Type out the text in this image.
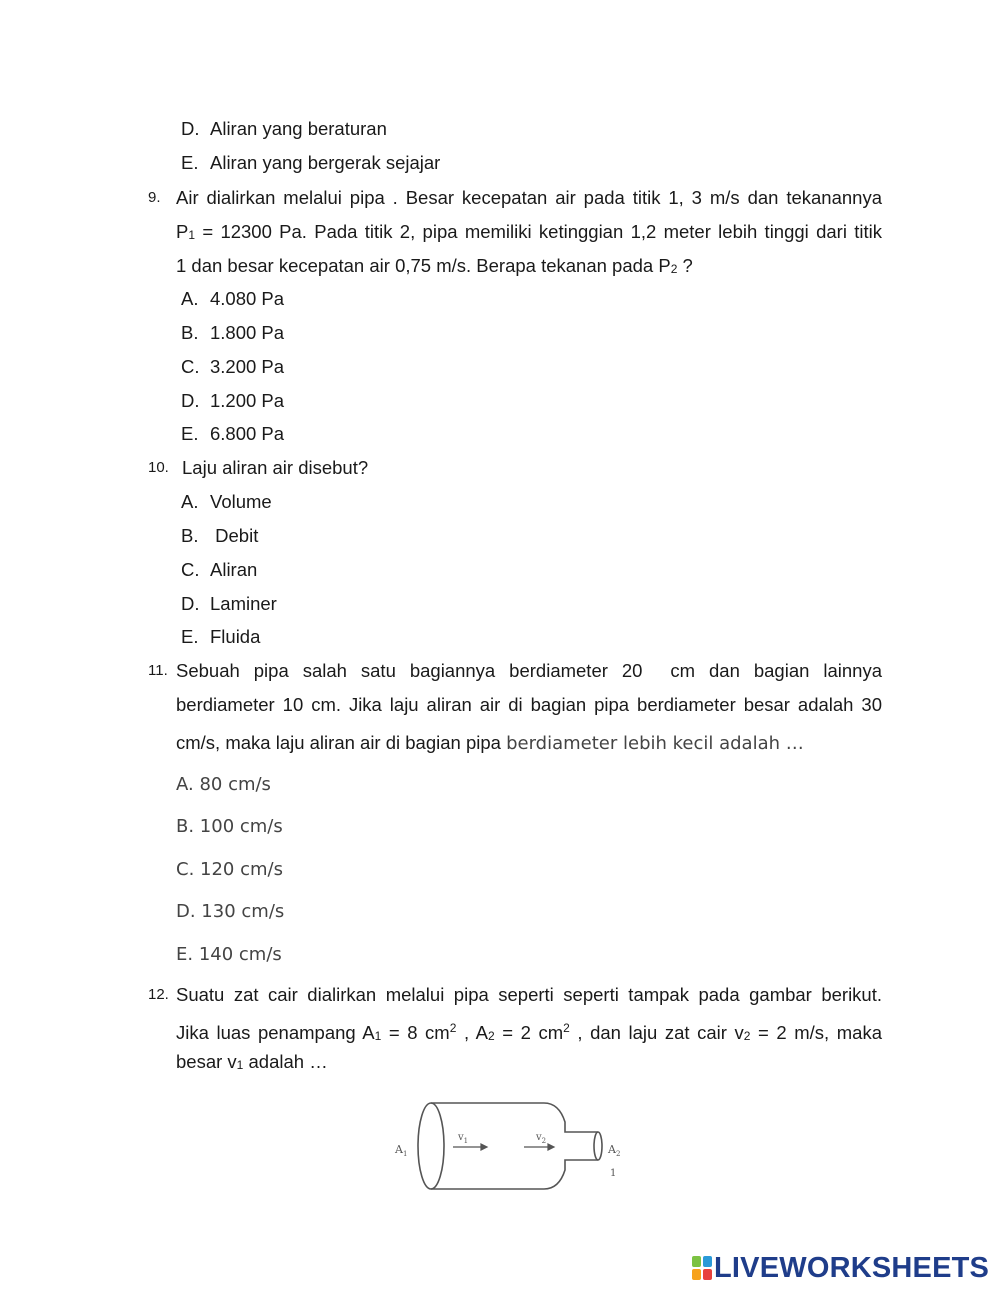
D. Aliran yang beraturan
E. Aliran yang bergerak sejajar
9. Air dialirkan melalui pipa . Besar kecepatan air pada titik 1, 3 m/s dan tekanannya
P1 = 12300 Pa. Pada titik 2, pipa memiliki ketinggian 1,2 meter lebih tinggi dari titik
1 dan besar kecepatan air 0,75 m/s. Berapa tekanan pada P2 ?
A. 4.080 Pa
B. 1.800 Pa
C. 3.200 Pa
D. 1.200 Pa
E. 6.800 Pa
10. Laju aliran air disebut?
A. Volume
B. Debit
C. Aliran
D. Laminer
E. Fluida
11. Sebuah pipa salah satu bagiannya berdiameter 20  cm dan bagian lainnya
berdiameter 10 cm. Jika laju aliran air di bagian pipa berdiameter besar adalah 30
cm/s, maka laju aliran air di bagian pipa berdiameter lebih kecil adalah …
A. 80 cm/s
B. 100 cm/s
C. 120 cm/s
D. 130 cm/s
E. 140 cm/s
12. Suatu zat cair dialirkan melalui pipa seperti seperti tampak pada gambar berikut.
Jika luas penampang A1 = 8 $cm^2$ , A2 = 2 $cm^2$ , dan laju zat cair v2 = 2 m/s, maka
besar v1 adalah …
$A_1$
$v_1$	$v_2$
$A_2$
1
LIVEWORKSHEETS
